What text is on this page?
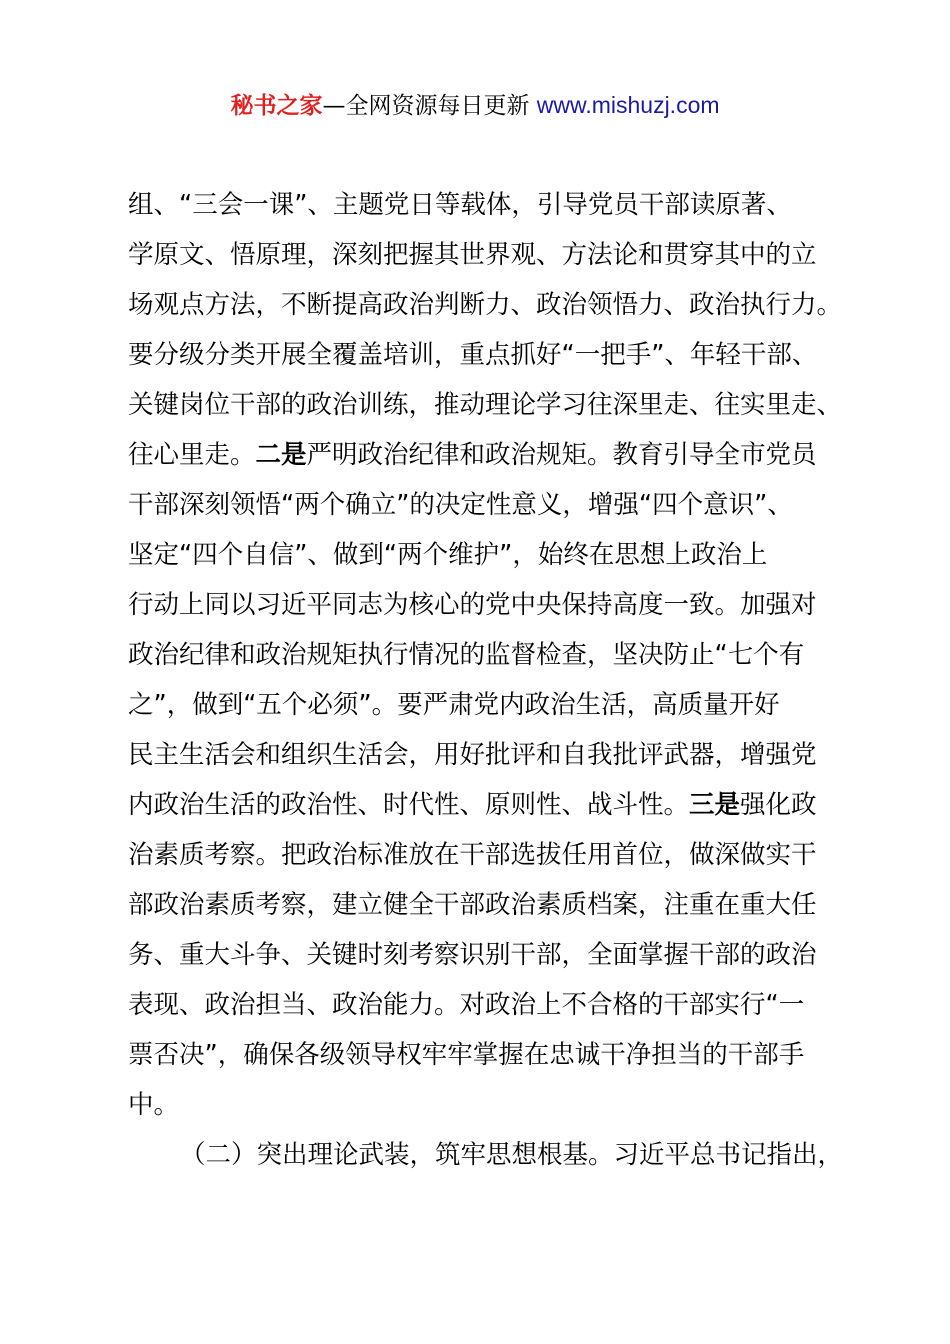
秘书之家—全网资源每日更新 www.mishuzj.com
组、“三会一课”、主题党日等载体，引导党员干部读原著、
学原文、悟原理，深刻把握其世界观、方法论和贯穿其中的立
场观点方法，不断提高政治判断力、政治领悟力、政治执行力。
要分级分类开展全覆盖培训，重点抓好“一把手”、年轻干部、
关键岗位干部的政治训练，推动理论学习往深里走、往实里走、
往心里走。二是严明政治纪律和政治规矩。教育引导全市党员
干部深刻领悟“两个确立”的决定性意义，增强“四个意识”、
坚定“四个自信”、做到“两个维护”，始终在思想上政治上
行动上同以习近平同志为核心的党中央保持高度一致。加强对
政治纪律和政治规矩执行情况的监督检查，坚决防止“七个有
之”，做到“五个必须”。要严肃党内政治生活，高质量开好
民主生活会和组织生活会，用好批评和自我批评武器，增强党
内政治生活的政治性、时代性、原则性、战斗性。三是强化政
治素质考察。把政治标准放在干部选拔任用首位，做深做实干
部政治素质考察，建立健全干部政治素质档案，注重在重大任
务、重大斗争、关键时刻考察识别干部，全面掌握干部的政治
表现、政治担当、政治能力。对政治上不合格的干部实行“一
票否决”，确保各级领导权牢牢掌握在忠诚干净担当的干部手
中。
（二）突出理论武装，筑牢思想根基。习近平总书记指出，
